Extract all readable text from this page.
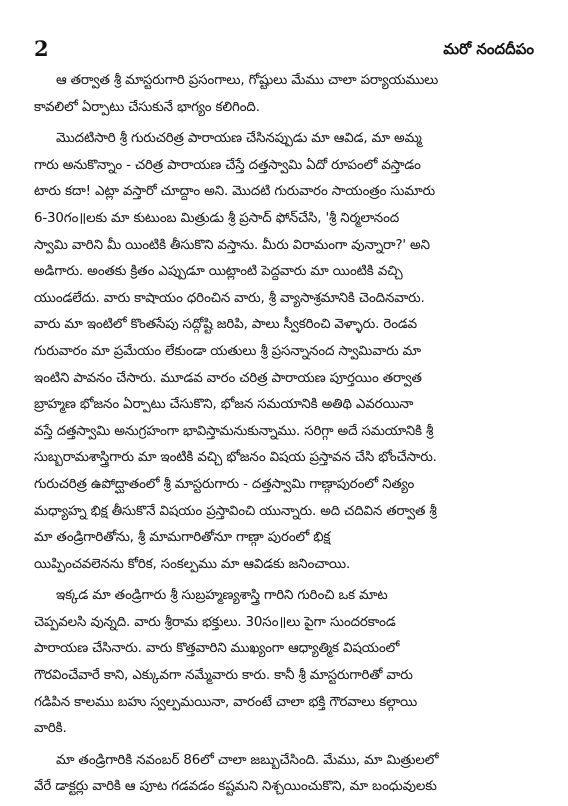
2	మరో నందదీపం
ఆ తర్వాత శ్రీ మాస్టరుగారి ప్రసంగాలు, గోష్టులు మేము చాలా పర్యాయములు
కావలిలో ఏర్పాటు చేసుకునే భాగ్యం కలిగింది.
మొదటిసారి శ్రీ గురుచరిత్ర పారాయణ చేసినప్పుడు మా ఆవిడ, మా అమ్మ
గారు అనుకొన్నాం - చరిత్ర పారాయణ చేస్తే దత్తస్వామి ఏదో రూపంలో వస్తాడం
టారు కదా! ఎట్లా వస్తారో చూద్దాం అని. మొదటి గురువారం సాయంత్రం సుమారు
6-30గం॥లకు మా కుటుంబ మిత్రుడు శ్రీ ప్రసాద్ ఫోన్‌చేసి, 'శ్రీ నిర్మలానంద
స్వామి వారిని మీ యింటికి తీసుకొని వస్తాను. మీరు విరామంగా వున్నారా?' అని
అడిగారు. అంతకు క్రితం ఎప్పుడూ యిట్లాంటి పెద్దవారు మా యింటికి వచ్చి
యుండలేదు. వారు కాషాయం ధరించిన వారు, శ్రీ వ్యాసాశ్రమానికి చెందినవారు.
వారు మా ఇంటిలో కొంతసేపు సద్గోష్టి జరిపి, పాలు స్వీకరించి వెళ్ళారు. రెండవ
గురువారం మా ప్రమేయం లేకుండా యతులు శ్రీ ప్రసన్నానంద స్వామివారు మా
ఇంటిని పావనం చేసారు. మూడవ వారం చరిత్ర పారాయణ పూర్తయిం తర్వాత
బ్రాహ్మణ భోజనం ఏర్పాటు చేసుకొని, భోజన సమయానికి అతిథి ఎవరయినా
వస్తే దత్తస్వామి అనుగ్రహంగా భావిస్తామనుకున్నాము. సరిగ్గా అదే సమయానికి శ్రీ
సుబ్బరామశాస్త్రిగారు మా ఇంటికి వచ్చి భోజనం విషయ ప్రస్తావన చేసి భోంచేసారు.
గురుచరిత్ర ఉపోద్ఘాతంలో శ్రీ మాస్టరుగారు - దత్తస్వామి గాణ్గాపురంలో నిత్యం
మధ్యాహ్న భిక్ష తీసుకొనే విషయం ప్రస్తావించి యున్నారు. అది చదివిన తర్వాత శ్రీ
మా తండ్రిగారితోను, శ్రీ మామగారితోనూ గాణ్గా పురంలో భిక్ష
యిప్పించవలెనను కోరిక, సంకల్పము మా ఆవిడకు జనించాయి.
ఇక్కడ మా తండ్రిగారు శ్రీ సుబ్రహ్మణ్యశాస్త్రి గారిని గురించి ఒక మాట
చెప్పవలసి వున్నది. వారు శ్రీరామ భక్తులు. 30సం॥లు పైగా సుందరకాండ
పారాయణ చేసినారు. వారు కొత్తవారిని ముఖ్యంగా ఆధ్యాత్మిక విషయంలో
గౌరవించేవారే కాని, ఎక్కువగా నమ్మేవారు కారు. కానీ శ్రీ మాస్టరుగారితో వారు
గడిపిన కాలము బహు స్వల్పమయినా, వారంటే చాలా భక్తి గౌరవాలు కల్గాయి
వారికి.
మా తండ్రిగారికి నవంబర్ 86లో చాలా జబ్బుచేసింది. మేము, మా మిత్రులలో
వేరే డాక్టర్లు వారికి ఆ పూట గడవడం కష్టమని నిశ్చయించుకొని, మా బంధువులకు
